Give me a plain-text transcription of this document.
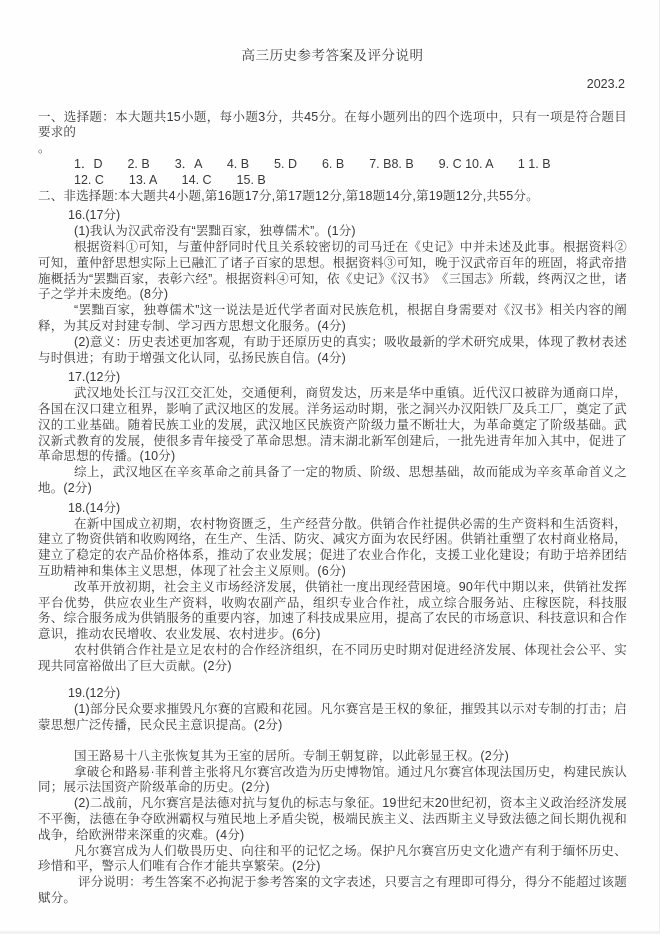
高三历史参考答案及评分说明
2023.2

一、选择题：本大题共15小题，每小题3分，共45分。在每小题列出的四个选项中，只有一项是符合题目要求的

。

1．D　　2. B　　3．A　　4. B　　5. D　　6. B　　7. B8. B　　9. C 10. A　　1 1. B
12. C　　13. A　　14. C　　15. B

二、非选择题:本大题共4小题,第16题17分,第17题12分,第18题14分,第19题12分,共55分。

16.(17分)

(1)我认为汉武帝没有“罢黜百家，独尊儒术”。(1分)

根据资料①可知，与董仲舒同时代且关系较密切的司马迁在《史记》中并未述及此事。根据资料②可知，董仲舒思想实际上已融汇了诸子百家的思想。根据资料③可知，晚于汉武帝百年的班固，将武帝措施概括为“罢黜百家，表彰六经”。根据资料④可知，依《史记》《汉书》　《三国志》所载，终两汉之世，诸子之学并未废绝。(8分)

“罢黜百家，独尊儒术”这一说法是近代学者面对民族危机，根据自身需要对《汉书》相关内容的阐释，为其反对封建专制、学习西方思想文化服务。(4分)

(2)意义：历史表述更加客观，有助于还原历史的真实；吸收最新的学术研究成果，体现了教材表述与时俱进；有助于增强文化认同，弘扬民族自信。(4分)

17.(12分)

武汉地处长江与汉江交汇处，交通便利，商贸发达，历来是华中重镇。近代汉口被辟为通商口岸，各国在汉口建立租界，影响了武汉地区的发展。洋务运动时期，张之洞兴办汉阳铁厂及兵工厂，奠定了武汉的工业基础。随着民族工业的发展，武汉地区民族资产阶级力量不断壮大，为革命奠定了阶级基础。武汉新式教育的发展，使很多青年接受了革命思想。清末湖北新军创建后，一批先进青年加入其中，促进了革命思想的传播。(10分)

综上，武汉地区在辛亥革命之前具备了一定的物质、阶级、思想基础，故而能成为辛亥革命首义之地。(2分)

18.(14分)

在新中国成立初期，农村物资匮乏，生产经营分散。供销合作社提供必需的生产资料和生活资料，建立了物资供销和收购网络，在生产、生活、防灾、减灾方面为农民纾困。供销社重塑了农村商业格局，建立了稳定的农产品价格体系，推动了农业发展；促进了农业合作化，支援工业化建设；有助于培养团结互助精神和集体主义思想，体现了社会主义原则。(6分)

改革开放初期，社会主义市场经济发展，供销社一度出现经营困境。90年代中期以来，供销社发挥平台优势，供应农业生产资料，收购农副产品，组织专业合作社，成立综合服务站、庄稼医院，科技服务、综合服务成为供销服务的重要内容，加速了科技成果应用，提高了农民的市场意识、科技意识和合作意识，推动农民增收、农业发展、农村进步。(6分)

农村供销合作社是立足农村的合作经济组织，在不同历史时期对促进经济发展、体现社会公平、实现共同富裕做出了巨大贡献。(2分)

19.(12分)

(1)部分民众要求摧毁凡尔赛的宫殿和花园。凡尔赛宫是王权的象征，摧毁其以示对专制的打击；启蒙思想广泛传播，民众民主意识提高。(2分)

国王路易十八主张恢复其为王室的居所。专制王朝复辟，以此彰显王权。(2分)

拿破仑和路易·菲利普主张将凡尔赛宫改造为历史博物馆。通过凡尔赛宫体现法国历史，构建民族认同；展示法国资产阶级革命的历史。(2分)

(2)二战前，凡尔赛宫是法德对抗与复仇的标志与象征。19世纪末20世纪初，资本主义政治经济发展不平衡，法德在争夺欧洲霸权与殖民地上矛盾尖锐，极端民族主义、法西斯主义导致法德之间长期仇视和战争，给欧洲带来深重的灾难。(4分)

凡尔赛宫成为人们敬畏历史、向往和平的记忆之场。保护凡尔赛宫历史文化遗产有利于缅怀历史、珍惜和平，警示人们唯有合作才能共享繁荣。(2分)

评分说明：考生答案不必拘泥于参考答案的文字表述，只要言之有理即可得分，得分不能超过该题赋分。
